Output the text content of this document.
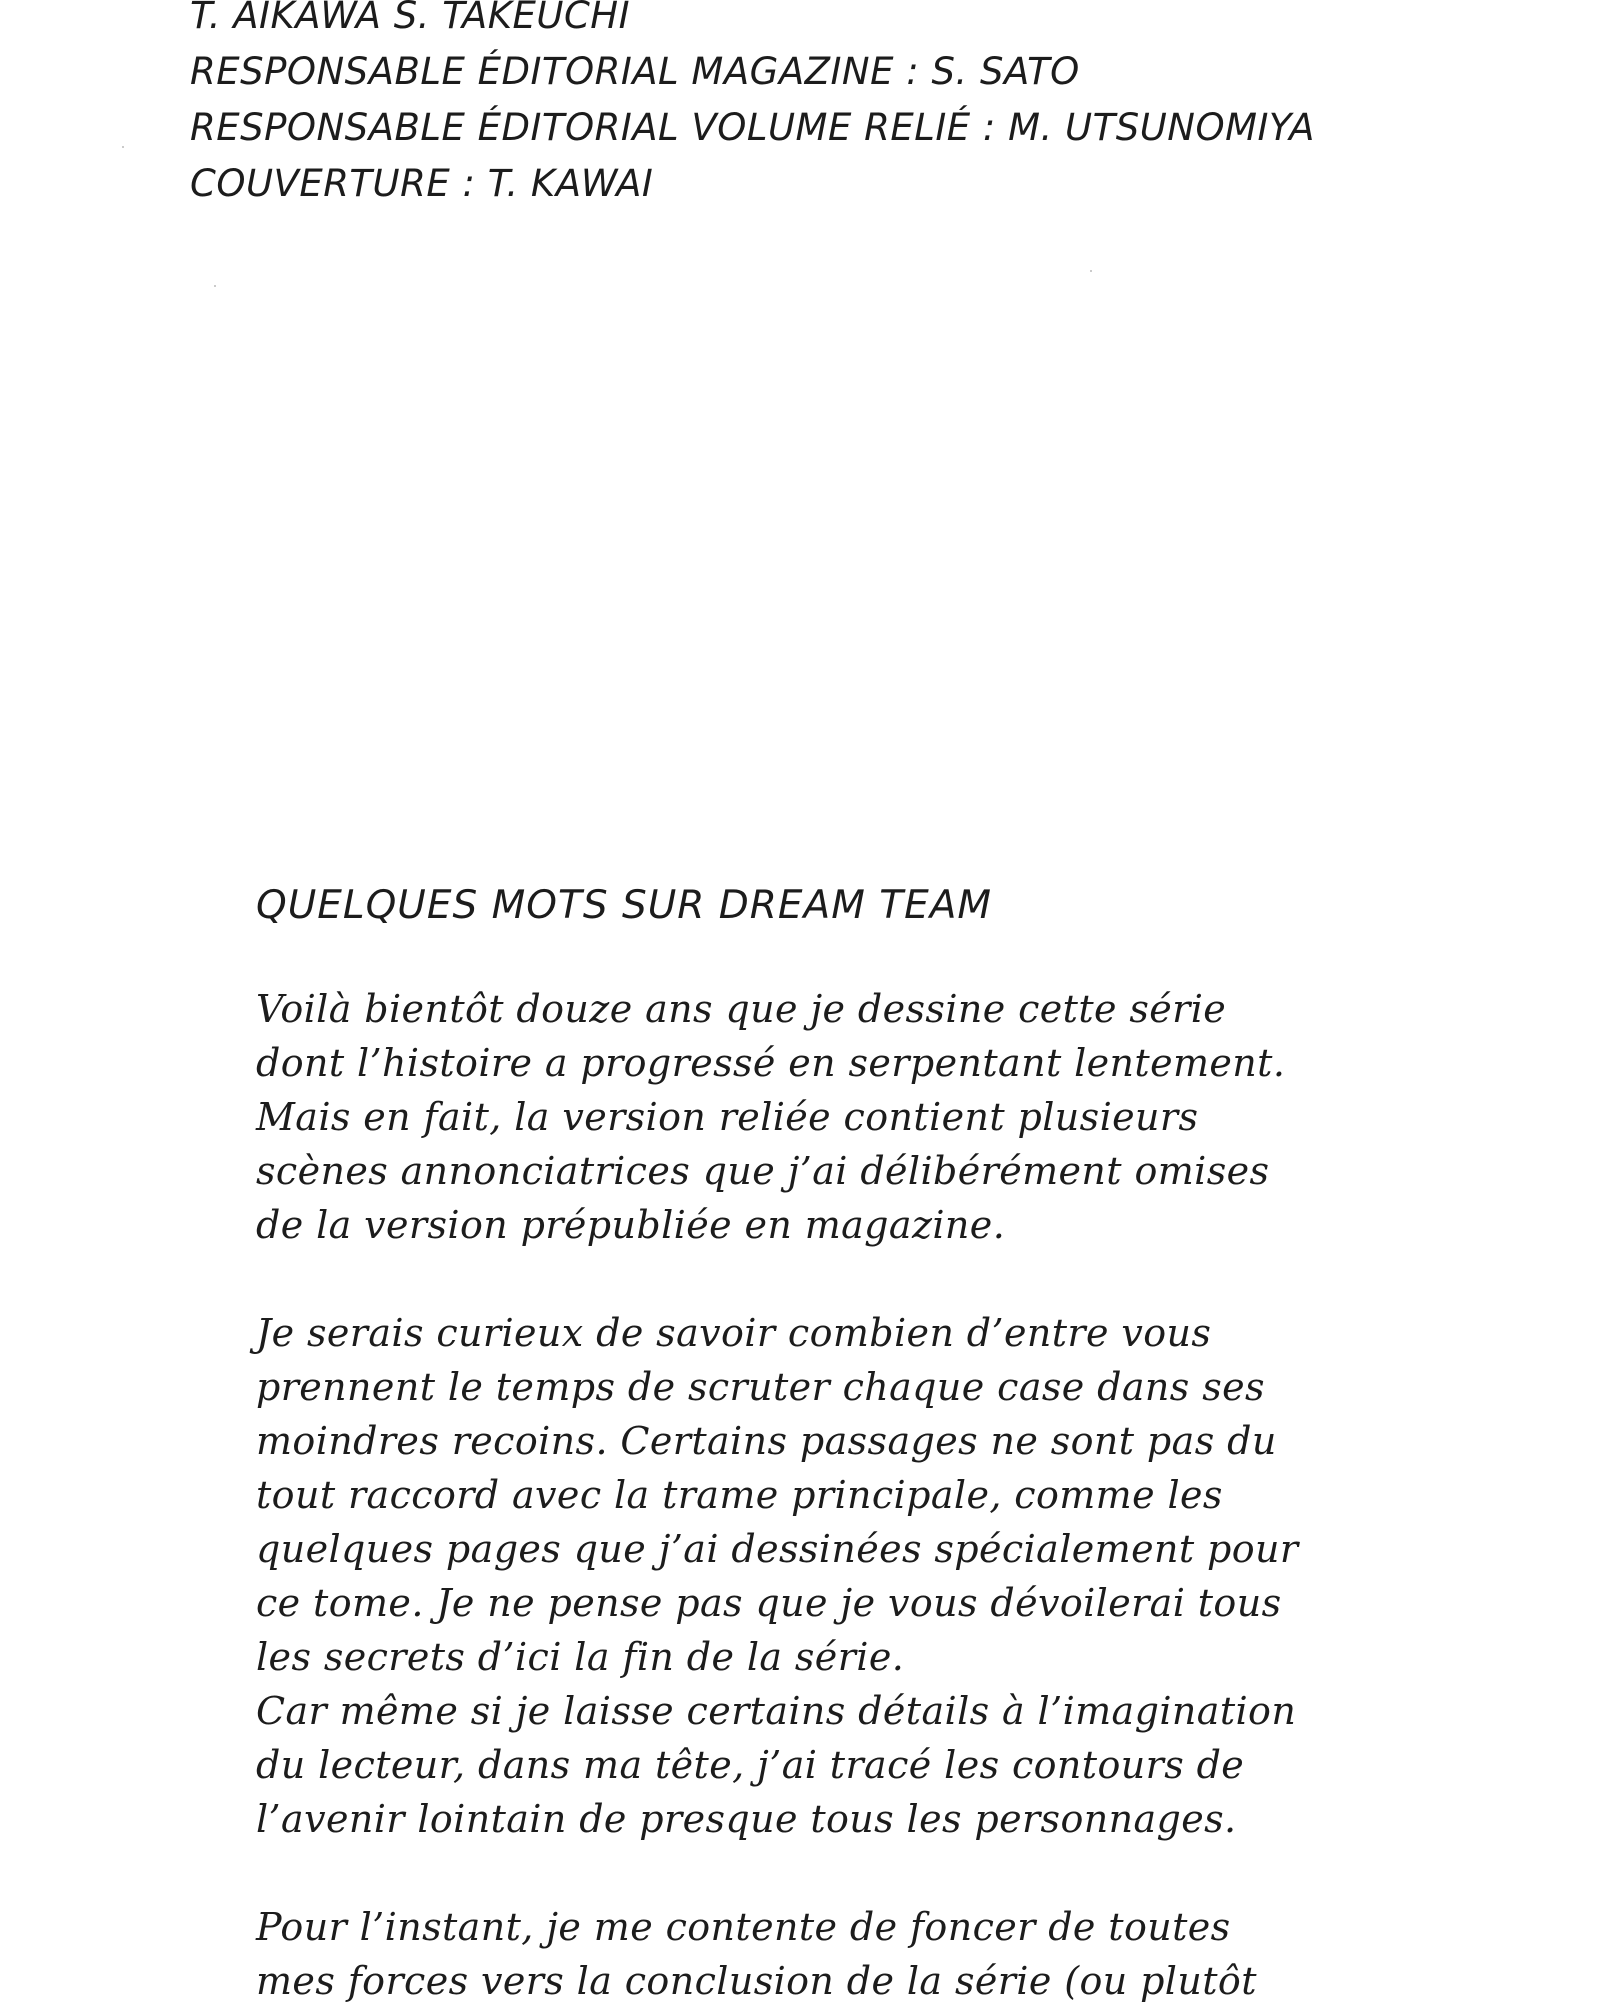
T. AIKAWA S. TAKEUCHI
RESPONSABLE ÉDITORIAL MAGAZINE : S. SATO
RESPONSABLE ÉDITORIAL VOLUME RELIÉ : M. UTSUNOMIYA
COUVERTURE : T. KAWAI
QUELQUES MOTS SUR DREAM TEAM
Voilà bientôt douze ans que je dessine cette série
dont l’histoire a progressé en serpentant lentement.
Mais en fait, la version reliée contient plusieurs
scènes annonciatrices que j’ai délibérément omises
de la version prépubliée en magazine.
Je serais curieux de savoir combien d’entre vous
prennent le temps de scruter chaque case dans ses
moindres recoins. Certains passages ne sont pas du
tout raccord avec la trame principale, comme les
quelques pages que j’ai dessinées spécialement pour
ce tome. Je ne pense pas que je vous dévoilerai tous
les secrets d’ici la fin de la série.
Car même si je laisse certains détails à l’imagination
du lecteur, dans ma tête, j’ai tracé les contours de
l’avenir lointain de presque tous les personnages.
Pour l’instant, je me contente de foncer de toutes
mes forces vers la conclusion de la série (ou plutôt
